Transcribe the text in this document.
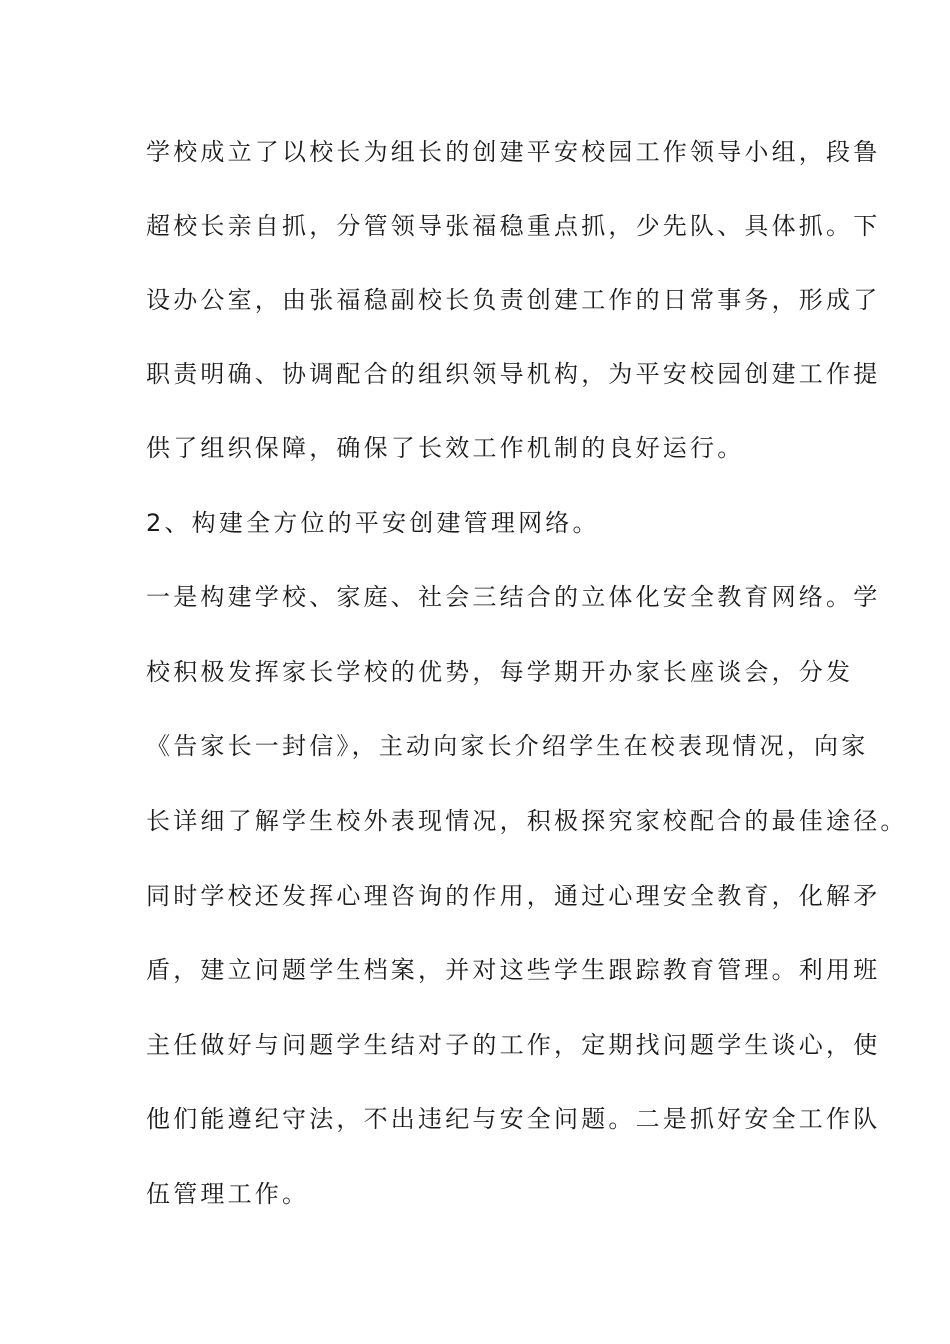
学校成立了以校长为组长的创建平安校园工作领导小组，段鲁
超校长亲自抓，分管领导张福稳重点抓，少先队、具体抓。下
设办公室，由张福稳副校长负责创建工作的日常事务，形成了
职责明确、协调配合的组织领导机构，为平安校园创建工作提
供了组织保障，确保了长效工作机制的良好运行。
2、构建全方位的平安创建管理网络。
一是构建学校、家庭、社会三结合的立体化安全教育网络。学
校积极发挥家长学校的优势，每学期开办家长座谈会，分发
《告家长一封信》，主动向家长介绍学生在校表现情况，向家
长详细了解学生校外表现情况，积极探究家校配合的最佳途径。
同时学校还发挥心理咨询的作用，通过心理安全教育，化解矛
盾，建立问题学生档案，并对这些学生跟踪教育管理。利用班
主任做好与问题学生结对子的工作，定期找问题学生谈心，使
他们能遵纪守法，不出违纪与安全问题。二是抓好安全工作队
伍管理工作。
